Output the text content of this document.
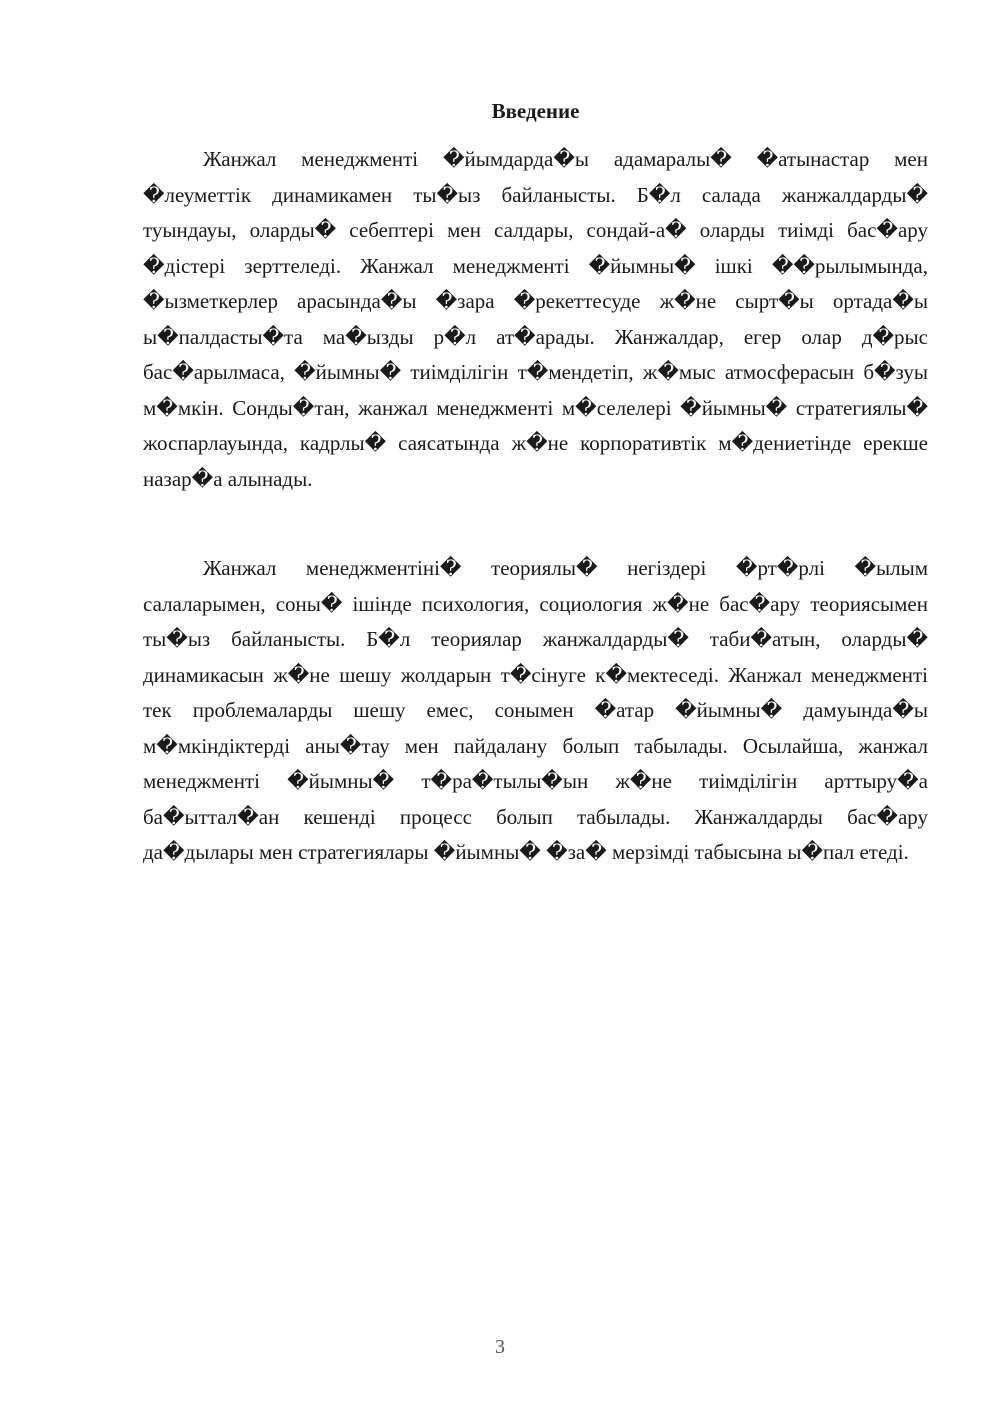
Введение

Жанжал менеджменті �йымдарда�ы адамаралы� �атынастар мен �леуметтік динамикамен ты�ыз байланысты. Б�л салада жанжалдарды� туындауы, оларды� себептері мен салдары, сондай-а� оларды тиімді бас�ару �дістері зерттеледі. Жанжал менеджменті �йымны� ішкі ��рылымында, �ызметкерлер арасында�ы �зара �рекеттесуде ж�не сырт�ы ортада�ы ы�палдасты�та ма�ызды р�л ат�арады. Жанжалдар, егер олар д�рыс бас�арылмаса, �йымны� тиімділігін т�мендетіп, ж�мыс атмосферасын б�зуы м�мкін. Сонды�тан, жанжал менеджменті м�селелері �йымны� стратегиялы� жоспарлауында, кадрлы� саясатында ж�не корпоративтік м�дениетінде ерекше назар�а алынады.

Жанжал менеджментіні� теориялы� негіздері �рт�рлі �ылым салаларымен, соны� ішінде психология, социология ж�не бас�ару теориясымен ты�ыз байланысты. Б�л теориялар жанжалдарды� таби�атын, оларды� динамикасын ж�не шешу жолдарын т�сінуге к�мектеседі. Жанжал менеджменті тек проблемаларды шешу емес, сонымен �атар �йымны� дамуында�ы м�мкіндіктерді аны�тау мен пайдалану болып табылады. Осылайша, жанжал менеджменті �йымны� т�ра�тылы�ын ж�не тиімділігін арттыру�а ба�ыттал�ан кешенді процесс болып табылады. Жанжалдарды бас�ару да�дылары мен стратегиялары �йымны� �за� мерзімді табысына ы�пал етеді.

3
